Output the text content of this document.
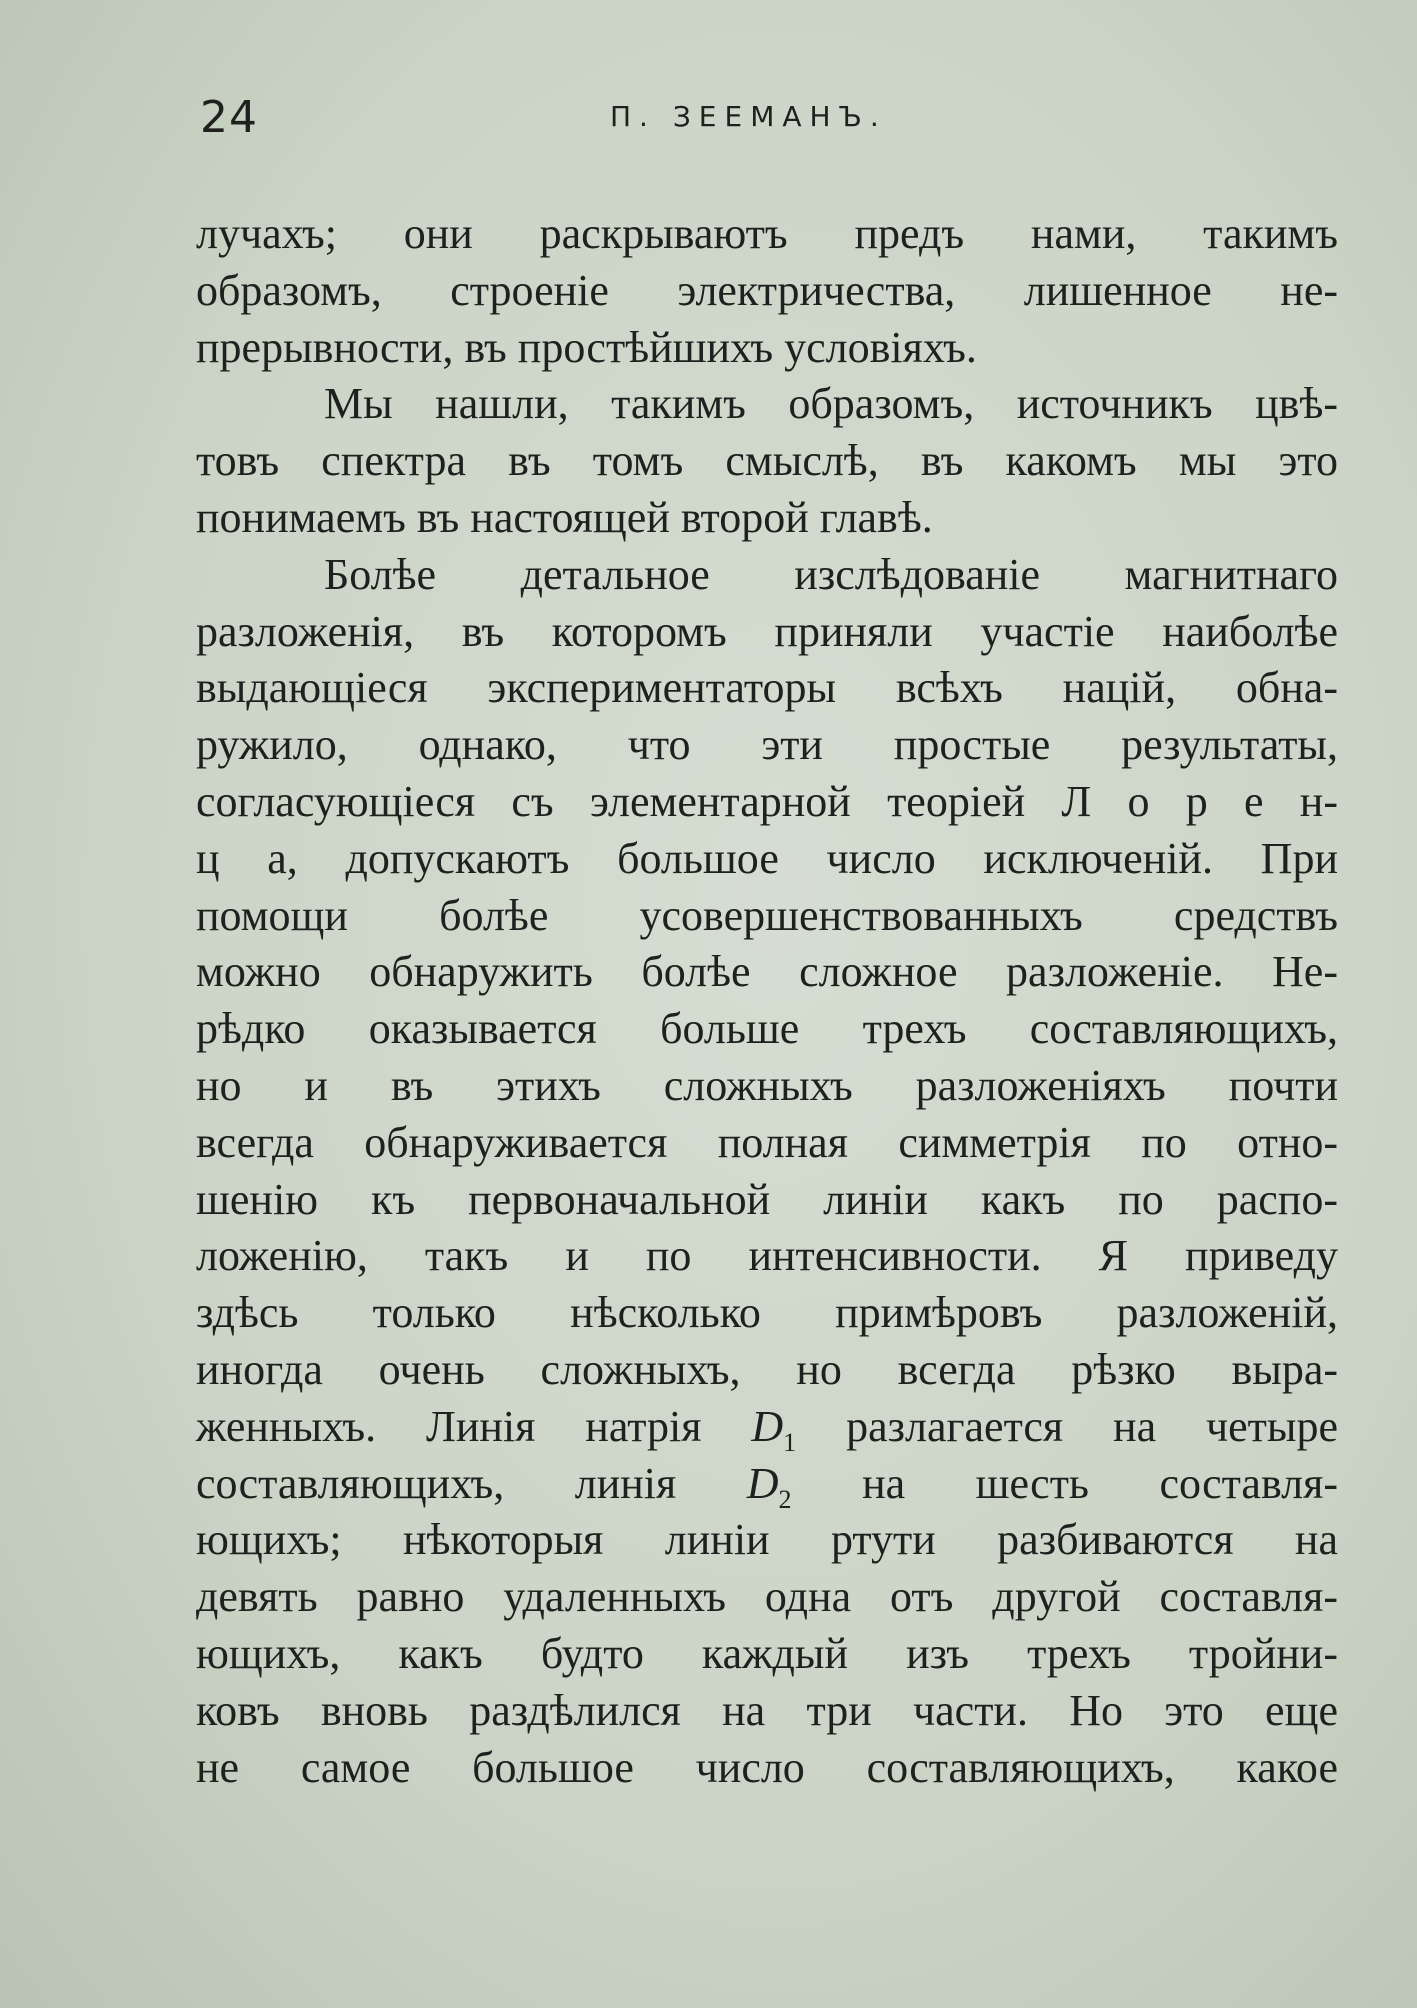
24	П. ЗЕЕМАНЪ.
лучахъ; они раскрываютъ предъ нами, такимъ
образомъ, строеніе электричества, лишенное не-
прерывности, въ простѣйшихъ условіяхъ.
Мы нашли, такимъ образомъ, источникъ цвѣ-
товъ спектра въ томъ смыслѣ, въ какомъ мы это
понимаемъ въ настоящей второй главѣ.
Болѣе детальное изслѣдованіе магнитнаго
разложенія, въ которомъ приняли участіе наиболѣе
выдающіеся экспериментаторы всѣхъ націй, обна-
ружило, однако, что эти простые результаты,
согласующіеся съ элементарной теоріей Л о р е н-
ц а, допускаютъ большое число исключеній. При
помощи болѣе усовершенствованныхъ средствъ
можно обнаружить болѣе сложное разложеніе. Не-
рѣдко оказывается больше трехъ составляющихъ,
но и въ этихъ сложныхъ разложеніяхъ почти
всегда обнаруживается полная симметрія по отно-
шенію къ первоначальной линіи какъ по распо-
ложенію, такъ и по интенсивности. Я приведу
здѣсь только нѣсколько примѣровъ разложеній,
иногда очень сложныхъ, но всегда рѣзко выра-
женныхъ. Линія натрія $D_1$ разлагается на четыре
составляющихъ, линія $D_2$ на шесть составля-
ющихъ; нѣкоторыя линіи ртути разбиваются на
девять равно удаленныхъ одна отъ другой составля-
ющихъ, какъ будто каждый изъ трехъ тройни-
ковъ вновь раздѣлился на три части. Но это еще
не самое большое число составляющихъ, какое
